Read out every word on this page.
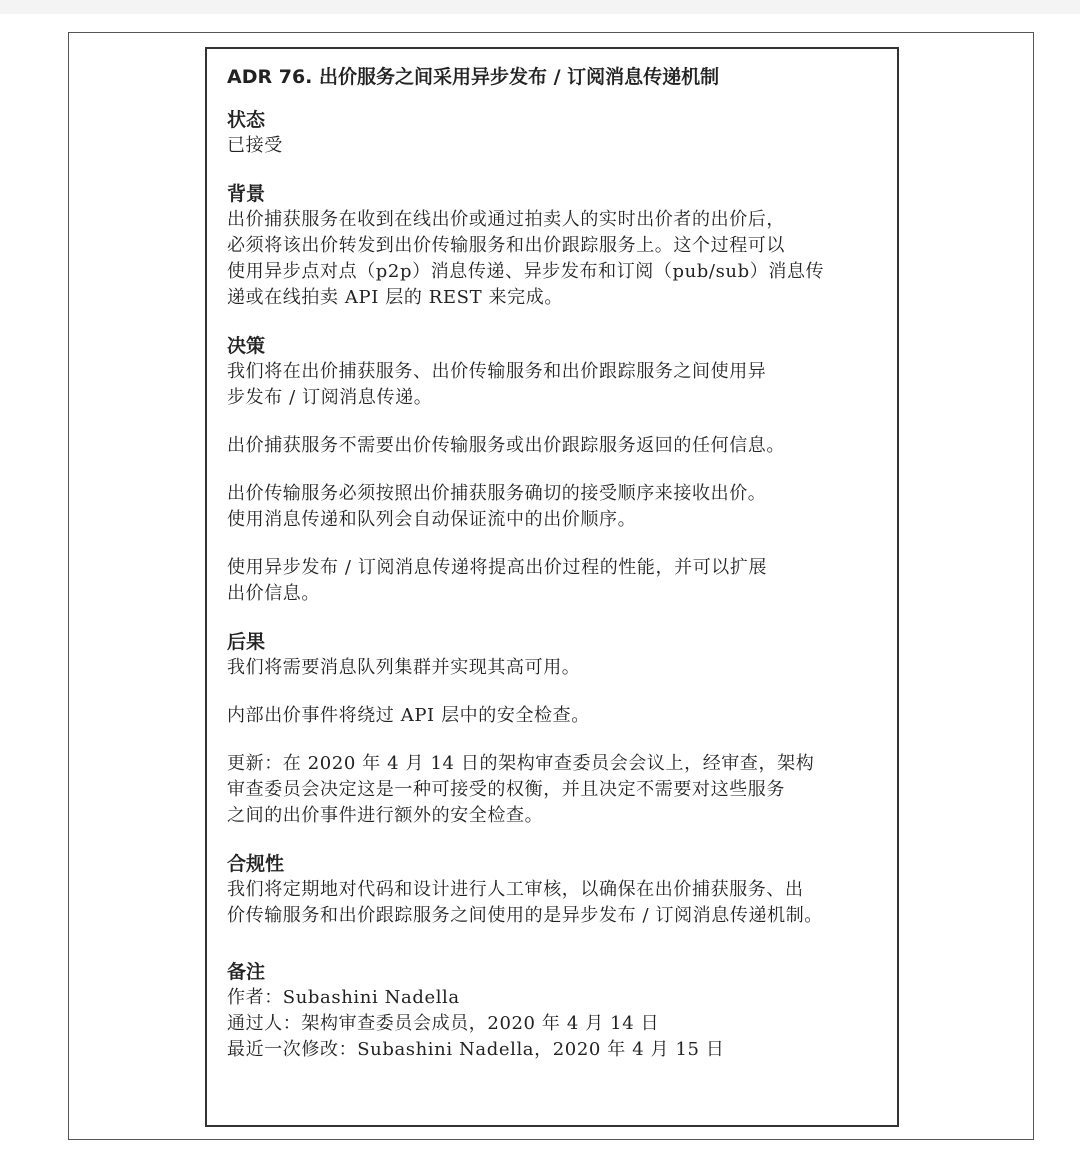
ADR 76. 出价服务之间采用异步发布 / 订阅消息传递机制
状态
已接受
背景
出价捕获服务在收到在线出价或通过拍卖人的实时出价者的出价后，
必须将该出价转发到出价传输服务和出价跟踪服务上。这个过程可以
使用异步点对点（p2p）消息传递、异步发布和订阅（pub/sub）消息传
递或在线拍卖 API 层的 REST 来完成。
决策
我们将在出价捕获服务、出价传输服务和出价跟踪服务之间使用异
步发布 / 订阅消息传递。
出价捕获服务不需要出价传输服务或出价跟踪服务返回的任何信息。
出价传输服务必须按照出价捕获服务确切的接受顺序来接收出价。
使用消息传递和队列会自动保证流中的出价顺序。
使用异步发布 / 订阅消息传递将提高出价过程的性能，并可以扩展
出价信息。
后果
我们将需要消息队列集群并实现其高可用。
内部出价事件将绕过 API 层中的安全检查。
更新：在 2020 年 4 月 14 日的架构审查委员会会议上，经审查，架构
审查委员会决定这是一种可接受的权衡，并且决定不需要对这些服务
之间的出价事件进行额外的安全检查。
合规性
我们将定期地对代码和设计进行人工审核，以确保在出价捕获服务、出
价传输服务和出价跟踪服务之间使用的是异步发布 / 订阅消息传递机制。
备注
作者：Subashini Nadella
通过人：架构审查委员会成员，2020 年 4 月 14 日
最近一次修改：Subashini Nadella，2020 年 4 月 15 日
